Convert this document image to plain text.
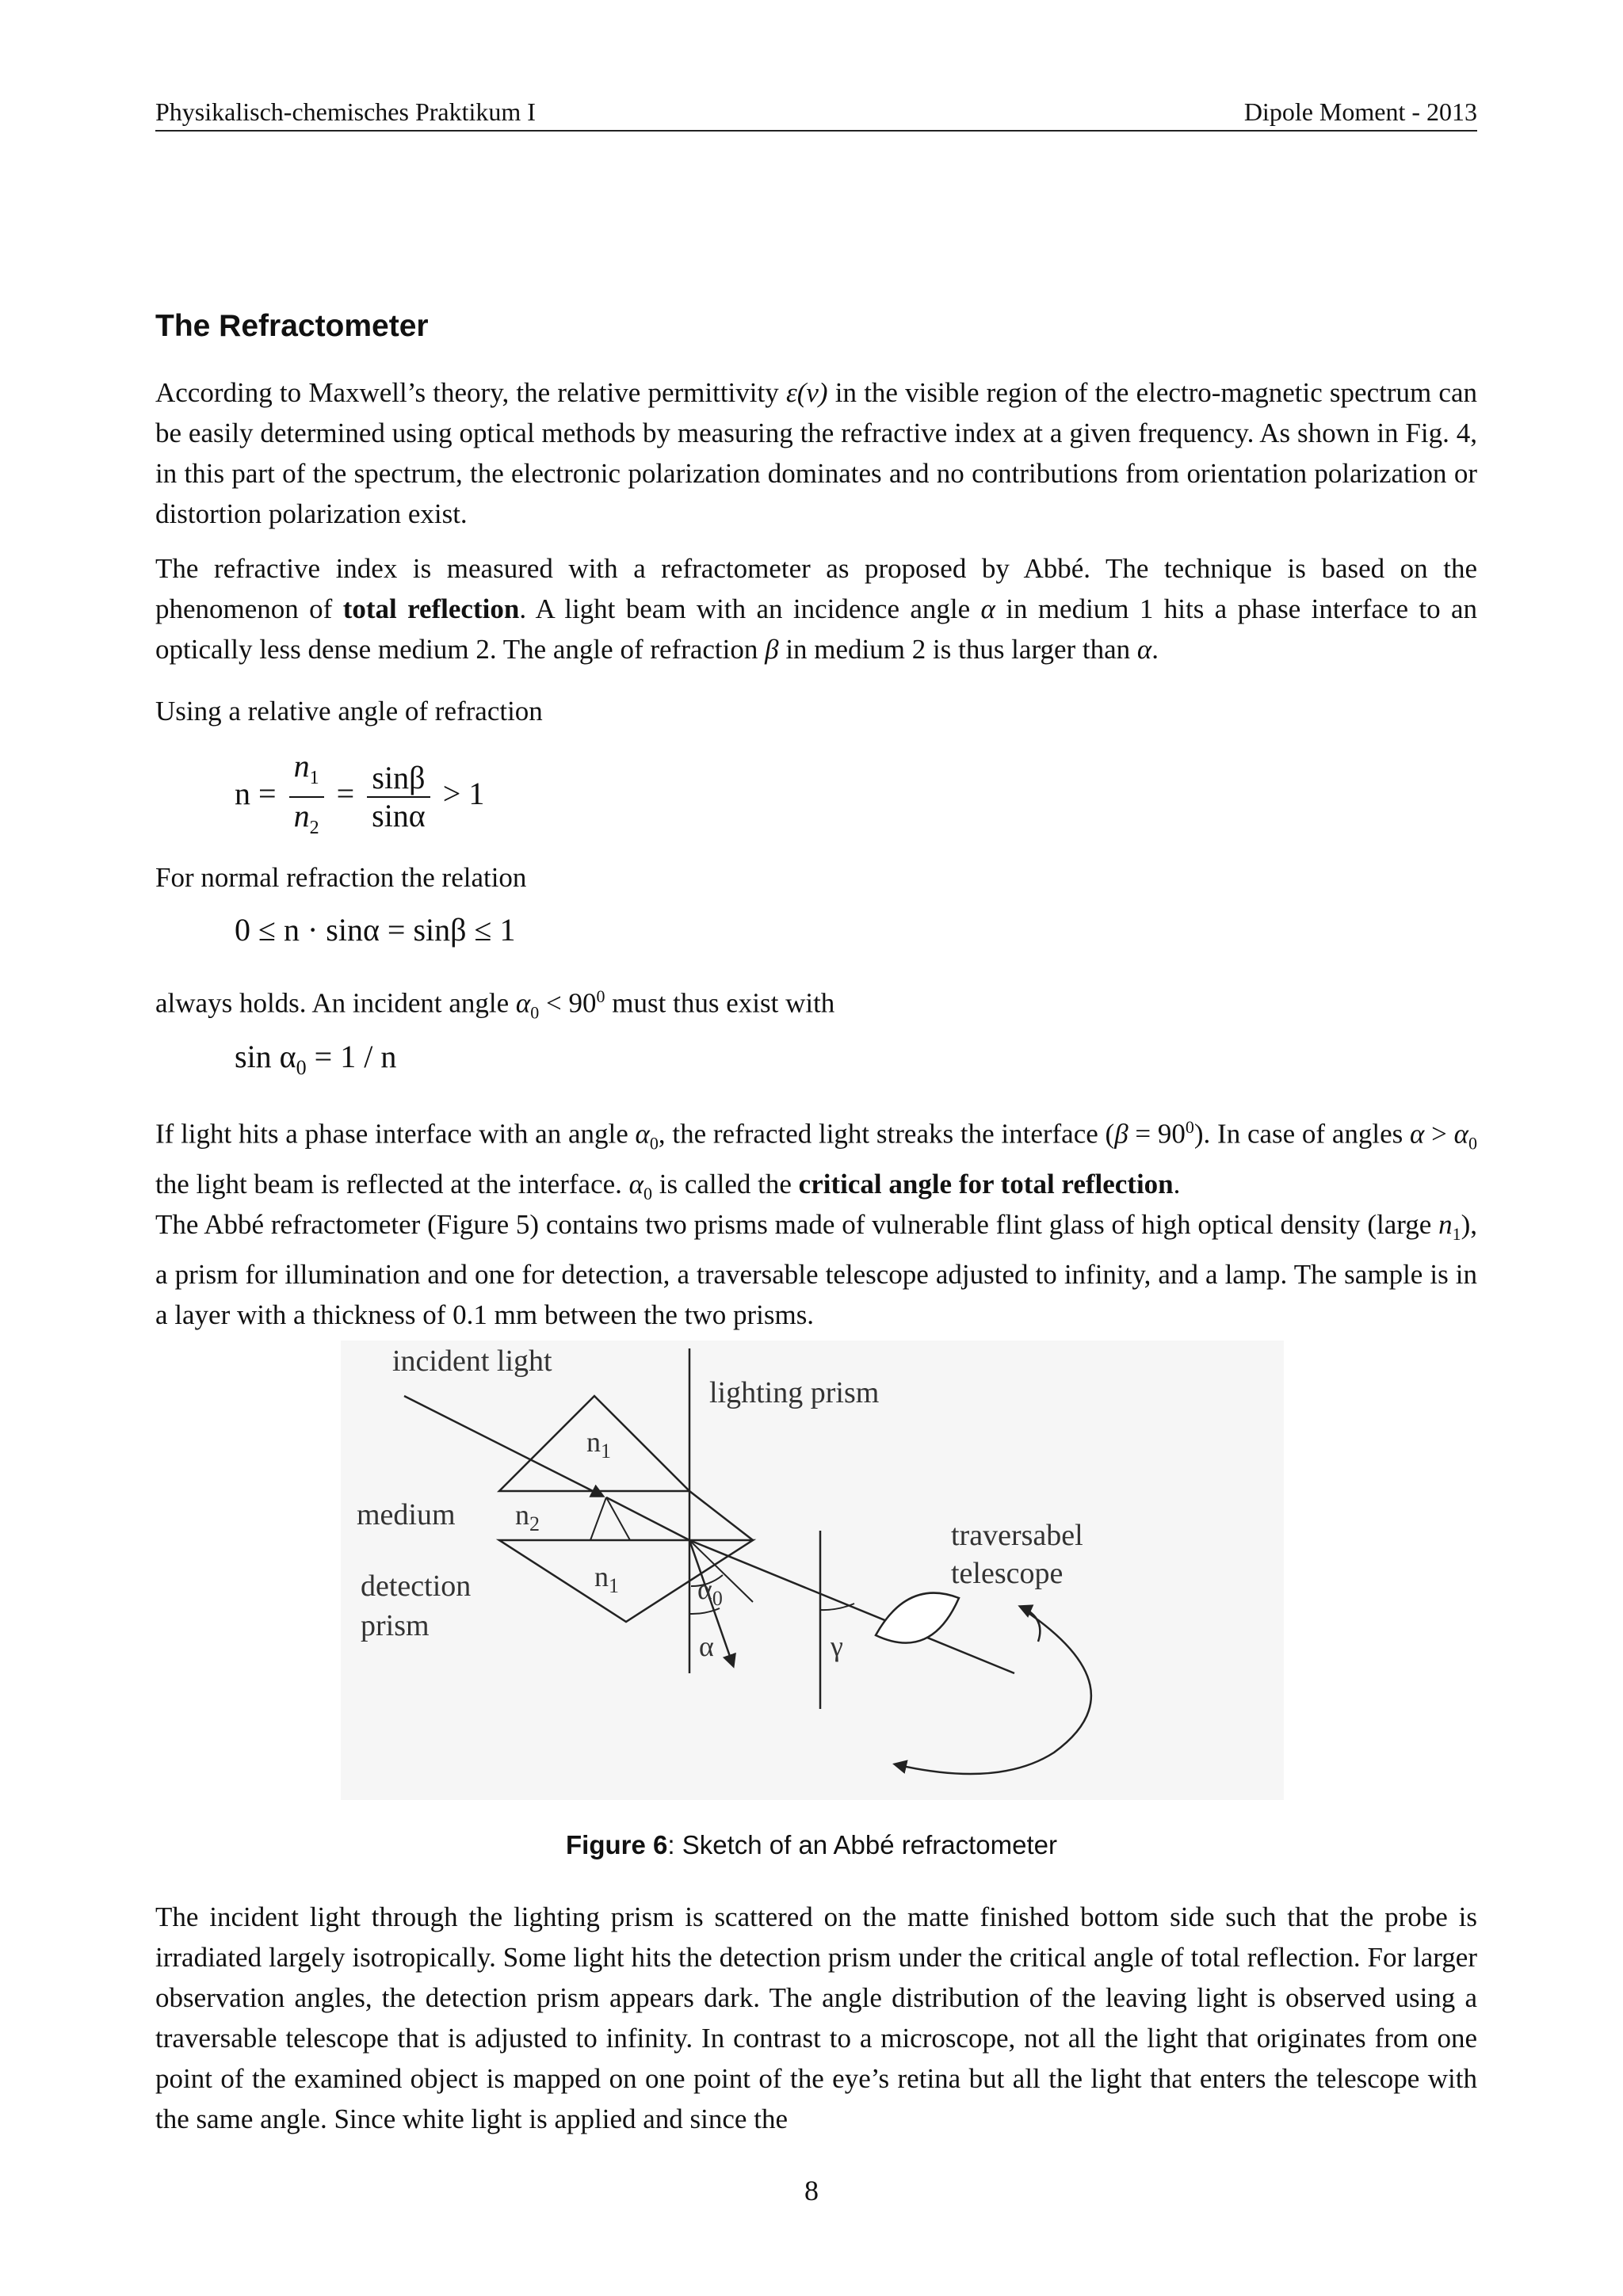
Physikalisch-chemisches Praktikum I	Dipole Moment - 2013
The Refractometer

According to Maxwell’s theory, the relative permittivity ε(ν) in the visible region of the electro-magnetic spectrum can be easily determined using optical methods by measuring the refractive index at a given frequency. As shown in Fig. 4, in this part of the spectrum, the electronic polarization dominates and no contributions from orientation polarization or distortion polarization exist.

The refractive index is measured with a refractometer as proposed by Abbé. The technique is based on the phenomenon of total reflection. A light beam with an incidence angle α in medium 1 hits a phase interface to an optically less dense medium 2. The angle of refraction β in medium 2 is thus larger than α.

Using a relative angle of refraction

$n = \frac{n_1}{n_2} = \frac{\sin\beta}{\sin\alpha} > 1$

For normal refraction the relation

0 ≤ n · sinα = sinβ ≤ 1

always holds. An incident angle $\alpha_0 < 90^0$ must thus exist with

$\sin \alpha_0 = 1 / n$

If light hits a phase interface with an angle $\alpha_0$, the refracted light streaks the interface $(\beta = 90^0)$. In case of angles $\alpha > \alpha_0$ the light beam is reflected at the interface. $\alpha_0$ is called the critical angle for total reflection.

The Abbé refractometer (Figure 5) contains two prisms made of vulnerable flint glass of high optical density (large $n_1$), a prism for illumination and one for detection, a traversable telescope adjusted to infinity, and a lamp. The sample is in a layer with a thickness of 0.1 mm between the two prisms.

incident light
lighting prism
$n_1$
medium $n_2$
$n_1$
detection
prism
$\alpha_0$
α	γ
traversabel
telescope
Figure 6: Sketch of an Abbé refractometer

The incident light through the lighting prism is scattered on the matte finished bottom side such that the probe is irradiated largely isotropically. Some light hits the detection prism under the critical angle of total reflection. For larger observation angles, the detection prism appears dark. The angle distribution of the leaving light is observed using a traversable telescope that is adjusted to infinity. In contrast to a microscope, not all the light that originates from one point of the examined object is mapped on one point of the eye’s retina but all the light that enters the telescope with the same angle. Since white light is applied and since the

8
